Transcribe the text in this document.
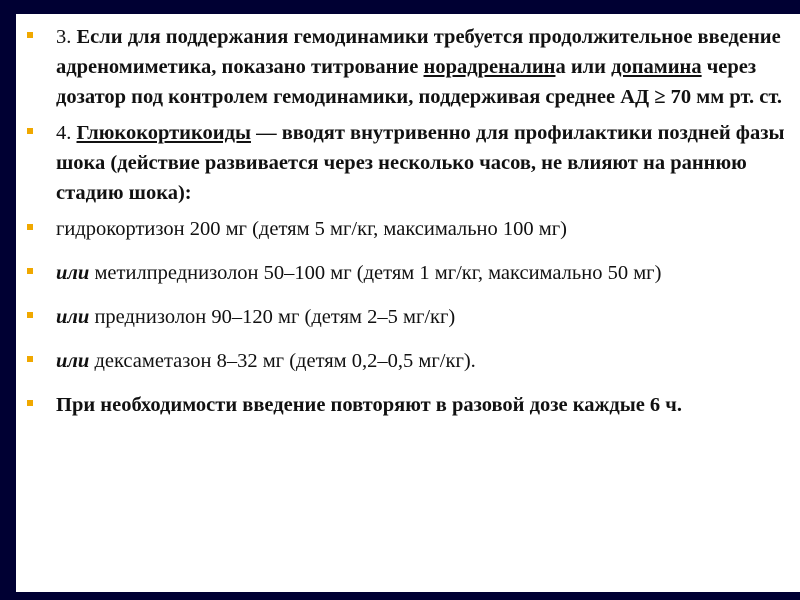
3. Если для поддержания гемодинамики требуется продолжительное введение адреномиметика, показано титрование норадреналина или допамина через дозатор под контролем гемодинамики, поддерживая среднее АД ≥ 70 мм рт. ст.
4. Глюкокортикоиды — вводят внутривенно для профилактики поздней фазы шока (действие развивается через несколько часов, не влияют на раннюю стадию шока):
гидрокортизон 200 мг (детям 5 мг/кг, максимально 100 мг)
или метилпреднизолон 50–100 мг (детям 1 мг/кг, максимально 50 мг)
или преднизолон 90–120 мг (детям 2–5 мг/кг)
или дексаметазон 8–32 мг (детям 0,2–0,5 мг/кг).
При необходимости введение повторяют в разовой дозе каждые 6 ч.
